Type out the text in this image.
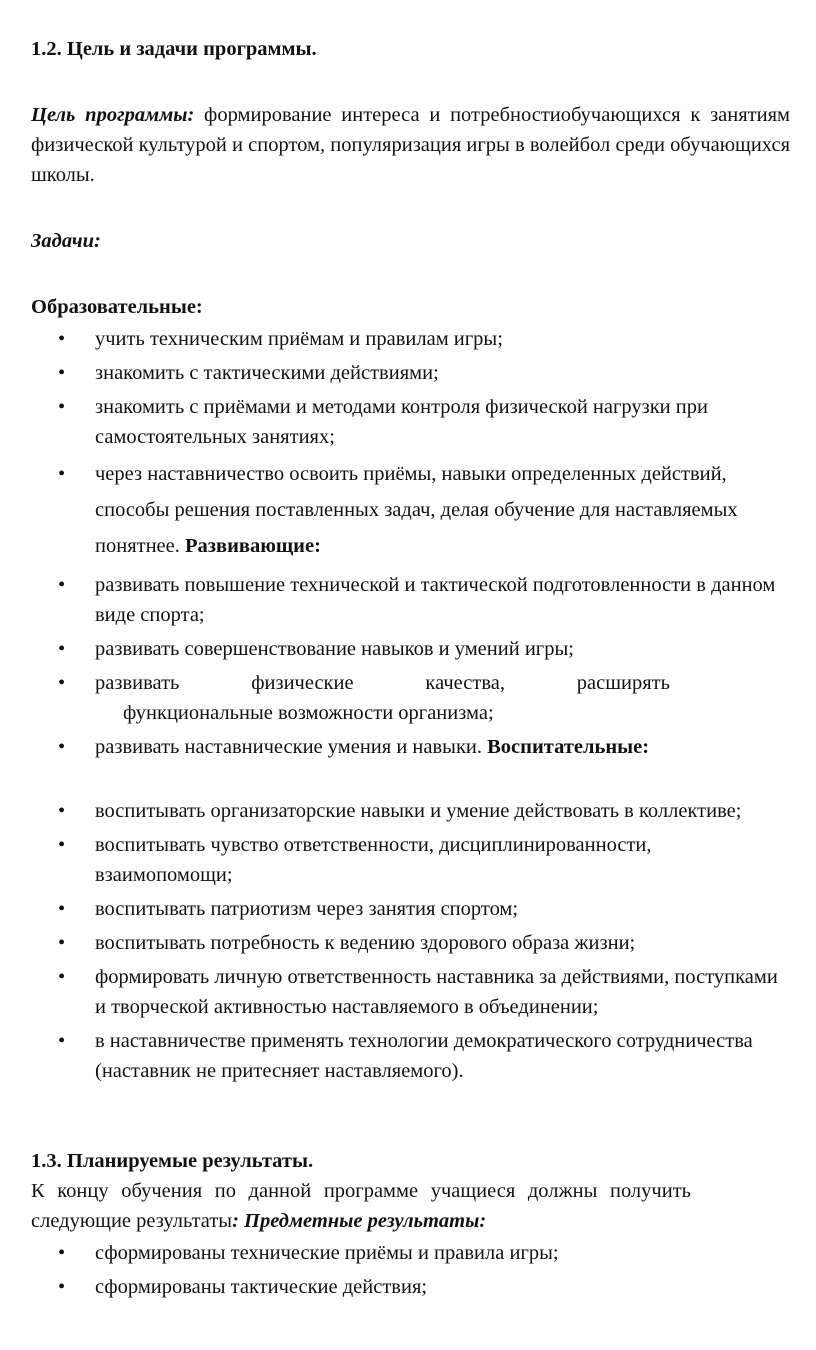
1.2. Цель и задачи программы.

Цель программы: формирование интереса и потребностиобучающихся к занятиям физической культурой и спортом, популяризация игры в волейбол среди обучающихся школы.

Задачи:

Образовательные:

• учить техническим приёмам и правилам игры;
• знакомить с тактическими действиями;
• знакомить с приёмами и методами контроля физической нагрузки при самостоятельных занятиях;
• через наставничество освоить приёмы, навыки определенных действий, способы решения поставленных задач, делая обучение для наставляемых понятнее. Развивающие:
• развивать повышение технической и тактической подготовленности в данном виде спорта;
• развивать совершенствование навыков и умений игры;
• развивать	физические	качества,	расширять
функциональные возможности организма;
• развивать наставнические умения и навыки. Воспитательные:
• воспитывать организаторские навыки и умение действовать в коллективе;
• воспитывать чувство ответственности, дисциплинированности, взаимопомощи;
• воспитывать патриотизм через занятия спортом;
• воспитывать потребность к ведению здорового образа жизни;
• формировать личную ответственность наставника за действиями, поступками и творческой активностью наставляемого в объединении;
• в наставничестве применять технологии демократического сотрудничества (наставник не притесняет наставляемого).
1.3. Планируемые результаты.

К концу обучения по данной программе учащиеся должны получить следующие результаты: Предметные результаты:

• сформированы технические приёмы и правила игры;
• сформированы тактические действия;
